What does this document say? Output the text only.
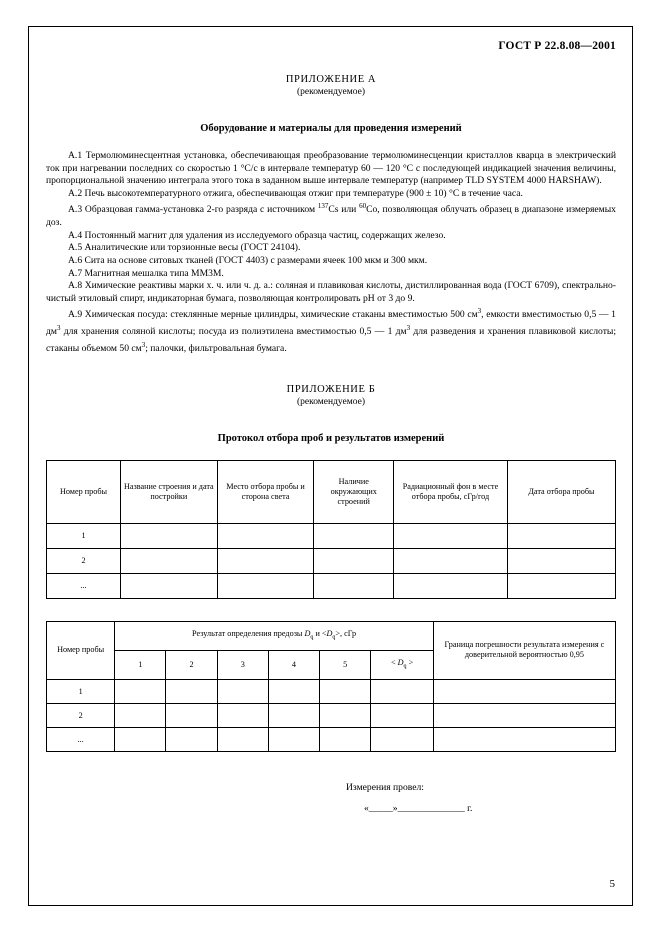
ГОСТ Р 22.8.08—2001
ПРИЛОЖЕНИЕ А
(рекомендуемое)
Оборудование и материалы для проведения измерений

А.1 Термолюминесцентная установка, обеспечивающая преобразование термолюминесценции кристаллов кварца в электрический ток при нагревании последних со скоростью 1 °С/с в интервале температур 60 — 120 °С с последующей индикацией значения величины, пропорциональной значению интеграла этого тока в заданном выше интервале температур (например TLD SYSTEM 4000 HARSHAW).

А.2 Печь высокотемпературного отжига, обеспечивающая отжиг при температуре (900 ± 10) °С в течение часа.

А.3 Образцовая гамма-установка 2-го разряда с источником $^{137}$Cs или $^{60}$Co, позволяющая облучать образец в диапазоне измеряемых доз.

А.4 Постоянный магнит для удаления из исследуемого образца частиц, содержащих железо.

А.5 Аналитические или торзионные весы (ГОСТ 24104).

А.6 Сита на основе ситовых тканей (ГОСТ 4403) с размерами ячеек 100 мкм и 300 мкм.

А.7 Магнитная мешалка типа ММ3М.

А.8 Химические реактивы марки х. ч. или ч. д. а.: соляная и плавиковая кислоты, дистиллированная вода (ГОСТ 6709), спектрально-чистый этиловый спирт, индикаторная бумага, позволяющая контролировать рН от 3 до 9.

А.9 Химическая посуда: стеклянные мерные цилиндры, химические стаканы вместимостью 500 $см^3$, емкости вместимостью 0,5 — 1 $дм^3$ для хранения соляной кислоты; посуда из полиэтилена вместимостью 0,5 — 1 $дм^3$ для разведения и хранения плавиковой кислоты; стаканы объемом 50 $см^3$; палочки, фильтровальная бумага.

ПРИЛОЖЕНИЕ Б
(рекомендуемое)
Протокол отбора проб и результатов измерений
Номер пробы	Название строения и дата постройки	Место отбора пробы и сторона света	Наличие окружающих строений	Радиационный фон в месте отбора пробы, сГр/год	Дата отбора пробы
1					
2					
...					
Номер пробы	Результат определения предозы $D_q$ $и <D_q>$, сГр						Граница погрешности результата измерения с доверительной вероятностью 0,95
	1	2	3	4	5	< $D_q$ >	
1							
2							
...							
Измерения провел:
«_____»______________ г.
5
